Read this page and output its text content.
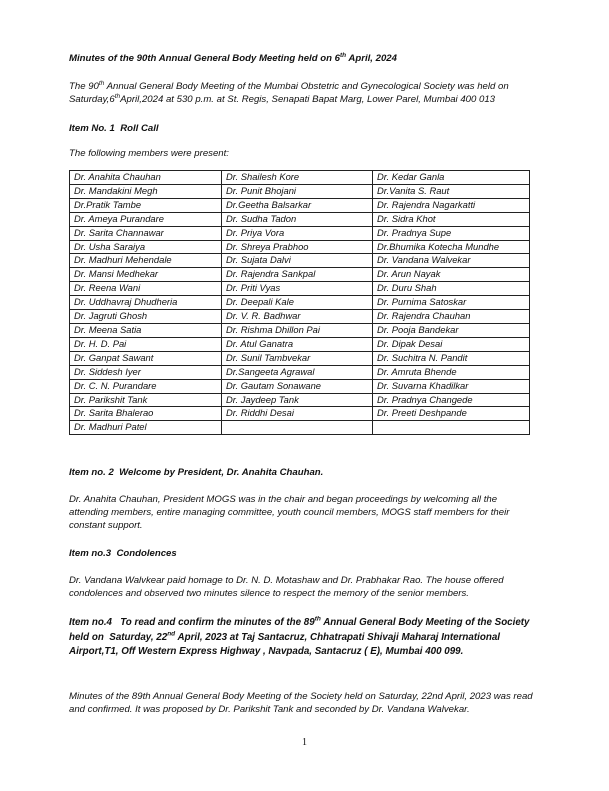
Minutes of the 90th Annual General Body Meeting held on 6th April, 2024
The 90th Annual General Body Meeting of the Mumbai Obstetric and Gynecological Society was held on Saturday,6thApril,2024 at 530 p.m. at St. Regis, Senapati Bapat Marg, Lower Parel, Mumbai 400 013
Item No. 1 Roll Call
The following members were present:
Dr. Anahita Chauhan	Dr. Shailesh Kore	Dr. Kedar Ganla
Dr. Mandakini Megh	Dr. Punit Bhojani	Dr.Vanita S. Raut
Dr.Pratik Tambe	Dr.Geetha Balsarkar	Dr. Rajendra Nagarkatti
Dr. Ameya Purandare	Dr. Sudha Tadon	Dr. Sidra Khot
Dr. Sarita Channawar	Dr. Priya Vora	Dr. Pradnya Supe
Dr. Usha Saraiya	Dr. Shreya Prabhoo	Dr.Bhumika Kotecha Mundhe
Dr. Madhuri Mehendale	Dr. Sujata Dalvi	Dr. Vandana Walvekar
Dr. Mansi Medhekar	Dr. Rajendra Sankpal	Dr. Arun Nayak
Dr. Reena Wani	Dr. Priti Vyas	Dr. Duru Shah
Dr. Uddhavraj Dhudheria	Dr. Deepali Kale	Dr. Purnima Satoskar
Dr. Jagruti Ghosh	Dr. V. R. Badhwar	Dr. Rajendra Chauhan
Dr. Meena Satia	Dr. Rishma Dhillon Pai	Dr. Pooja Bandekar
Dr. H. D. Pai	Dr. Atul Ganatra	Dr. Dipak Desai
Dr. Ganpat Sawant	Dr. Sunil Tambvekar	Dr. Suchitra N. Pandit
Dr. Siddesh Iyer	Dr.Sangeeta Agrawal	Dr. Amruta Bhende
Dr. C. N. Purandare	Dr. Gautam Sonawane	Dr. Suvarna Khadilkar
Dr. Parikshit Tank	Dr. Jaydeep Tank	Dr. Pradnya Changede
Dr. Sarita Bhalerao	Dr. Riddhi Desai	Dr. Preeti Deshpande
Dr. Madhuri Patel		
Item no. 2 Welcome by President, Dr. Anahita Chauhan.
Dr. Anahita Chauhan, President MOGS was in the chair and began proceedings by welcoming all the attending members, entire managing committee, youth council members, MOGS staff members for their constant support.
Item no.3 Condolences
Dr. Vandana Walvkear paid homage to Dr. N. D. Motashaw and Dr. Prabhakar Rao. The house offered condolences and observed two minutes silence to respect the memory of the senior members.
Item no.4 To read and confirm the minutes of the 89th Annual General Body Meeting of the Society held on  Saturday, 22nd April, 2023 at Taj Santacruz, Chhatrapati Shivaji Maharaj International Airport,T1, Off Western Express Highway , Navpada, Santacruz ( E), Mumbai 400 099.
Minutes of the 89th Annual General Body Meeting of the Society held on Saturday, 22nd April, 2023 was read and confirmed. It was proposed by Dr. Parikshit Tank and seconded by Dr. Vandana Walvekar.
1
